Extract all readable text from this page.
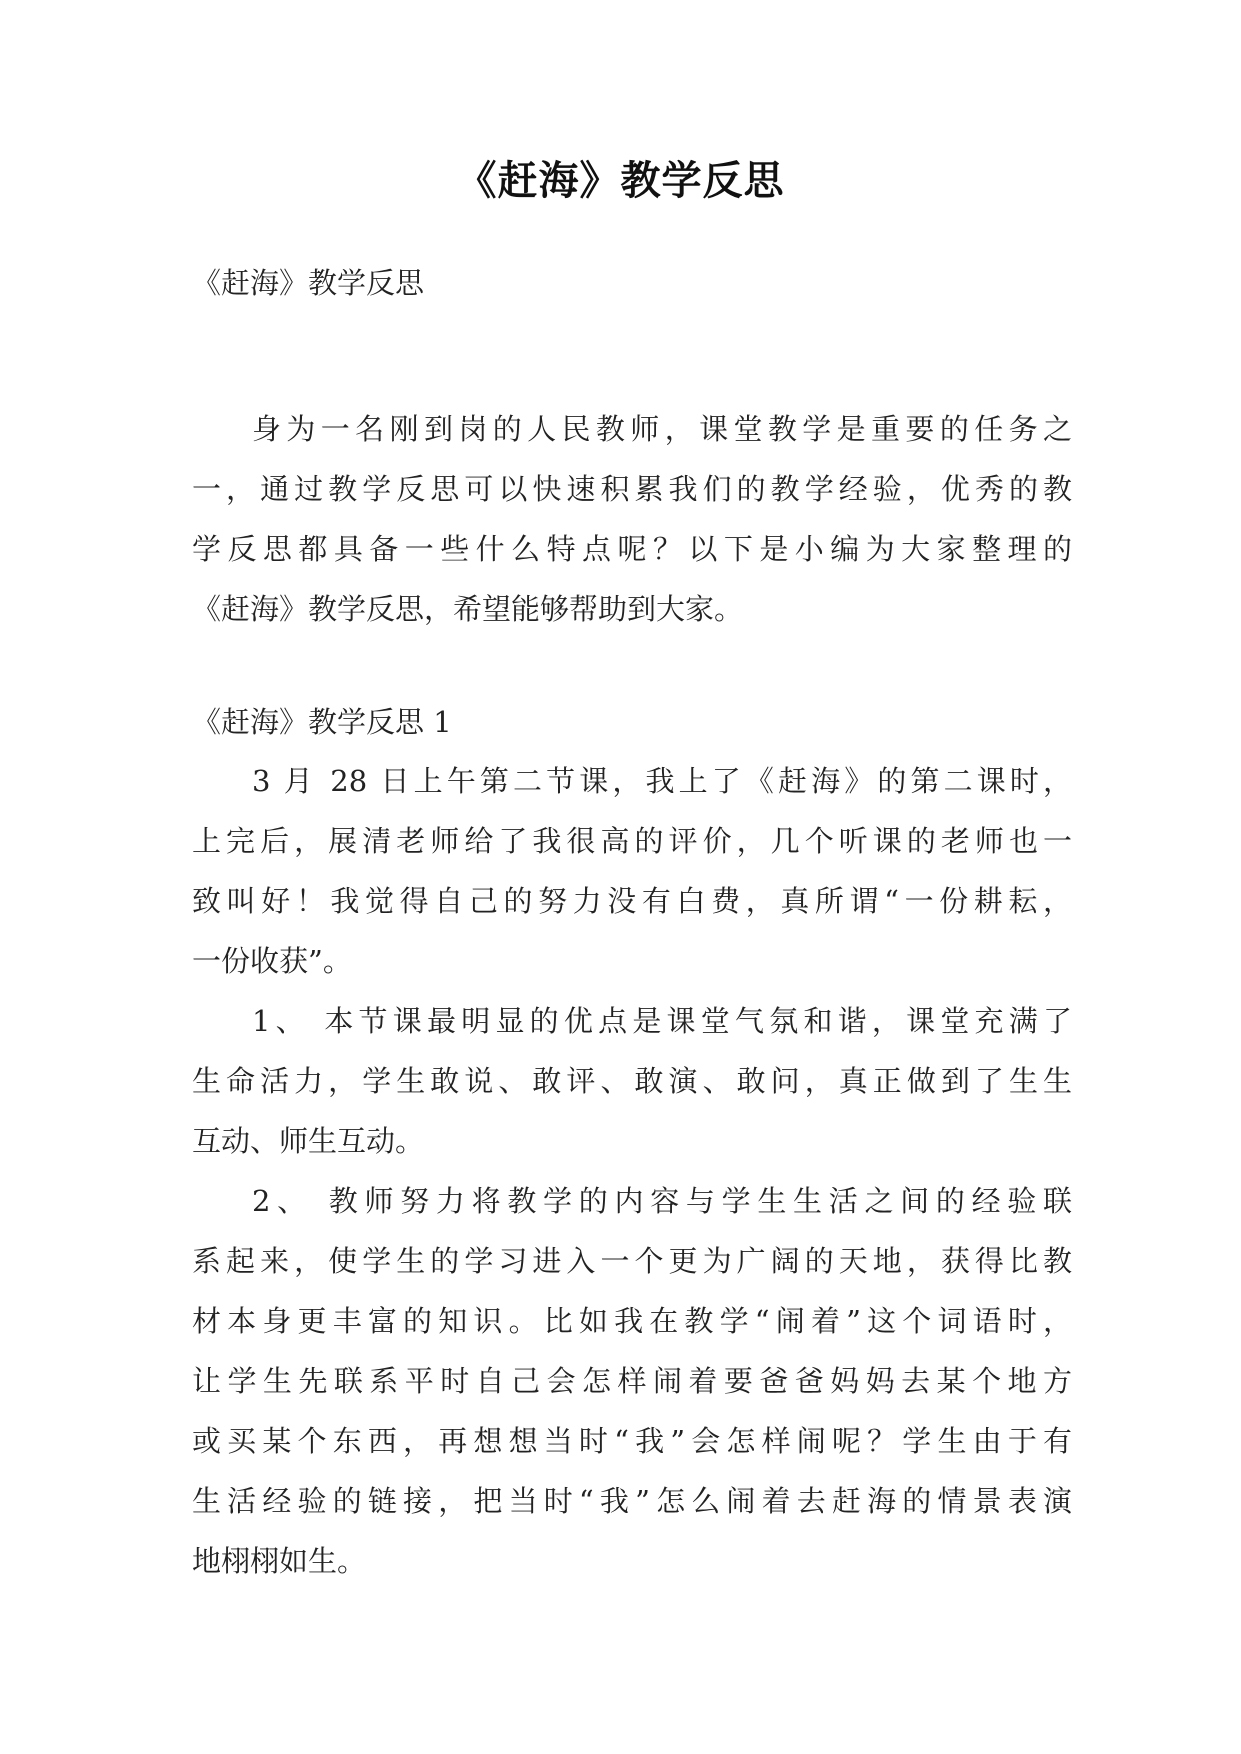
《赶海》教学反思
《赶海》教学反思
身为一名刚到岗的人民教师，课堂教学是重要的任务之
一，通过教学反思可以快速积累我们的教学经验，优秀的教
学反思都具备一些什么特点呢？以下是小编为大家整理的
《赶海》教学反思，希望能够帮助到大家。
《赶海》教学反思 1
3 月 28 日上午第二节课，我上了《赶海》的第二课时，
上完后，展清老师给了我很高的评价，几个听课的老师也一
致叫好！我觉得自己的努力没有白费，真所谓“一份耕耘，
一份收获”。
1、 本节课最明显的优点是课堂气氛和谐，课堂充满了
生命活力，学生敢说、敢评、敢演、敢问，真正做到了生生
互动、师生互动。
2、 教师努力将教学的内容与学生生活之间的经验联
系起来，使学生的学习进入一个更为广阔的天地，获得比教
材本身更丰富的知识。比如我在教学“闹着”这个词语时，
让学生先联系平时自己会怎样闹着要爸爸妈妈去某个地方
或买某个东西，再想想当时“我”会怎样闹呢？学生由于有
生活经验的链接，把当时“我”怎么闹着去赶海的情景表演
地栩栩如生。
